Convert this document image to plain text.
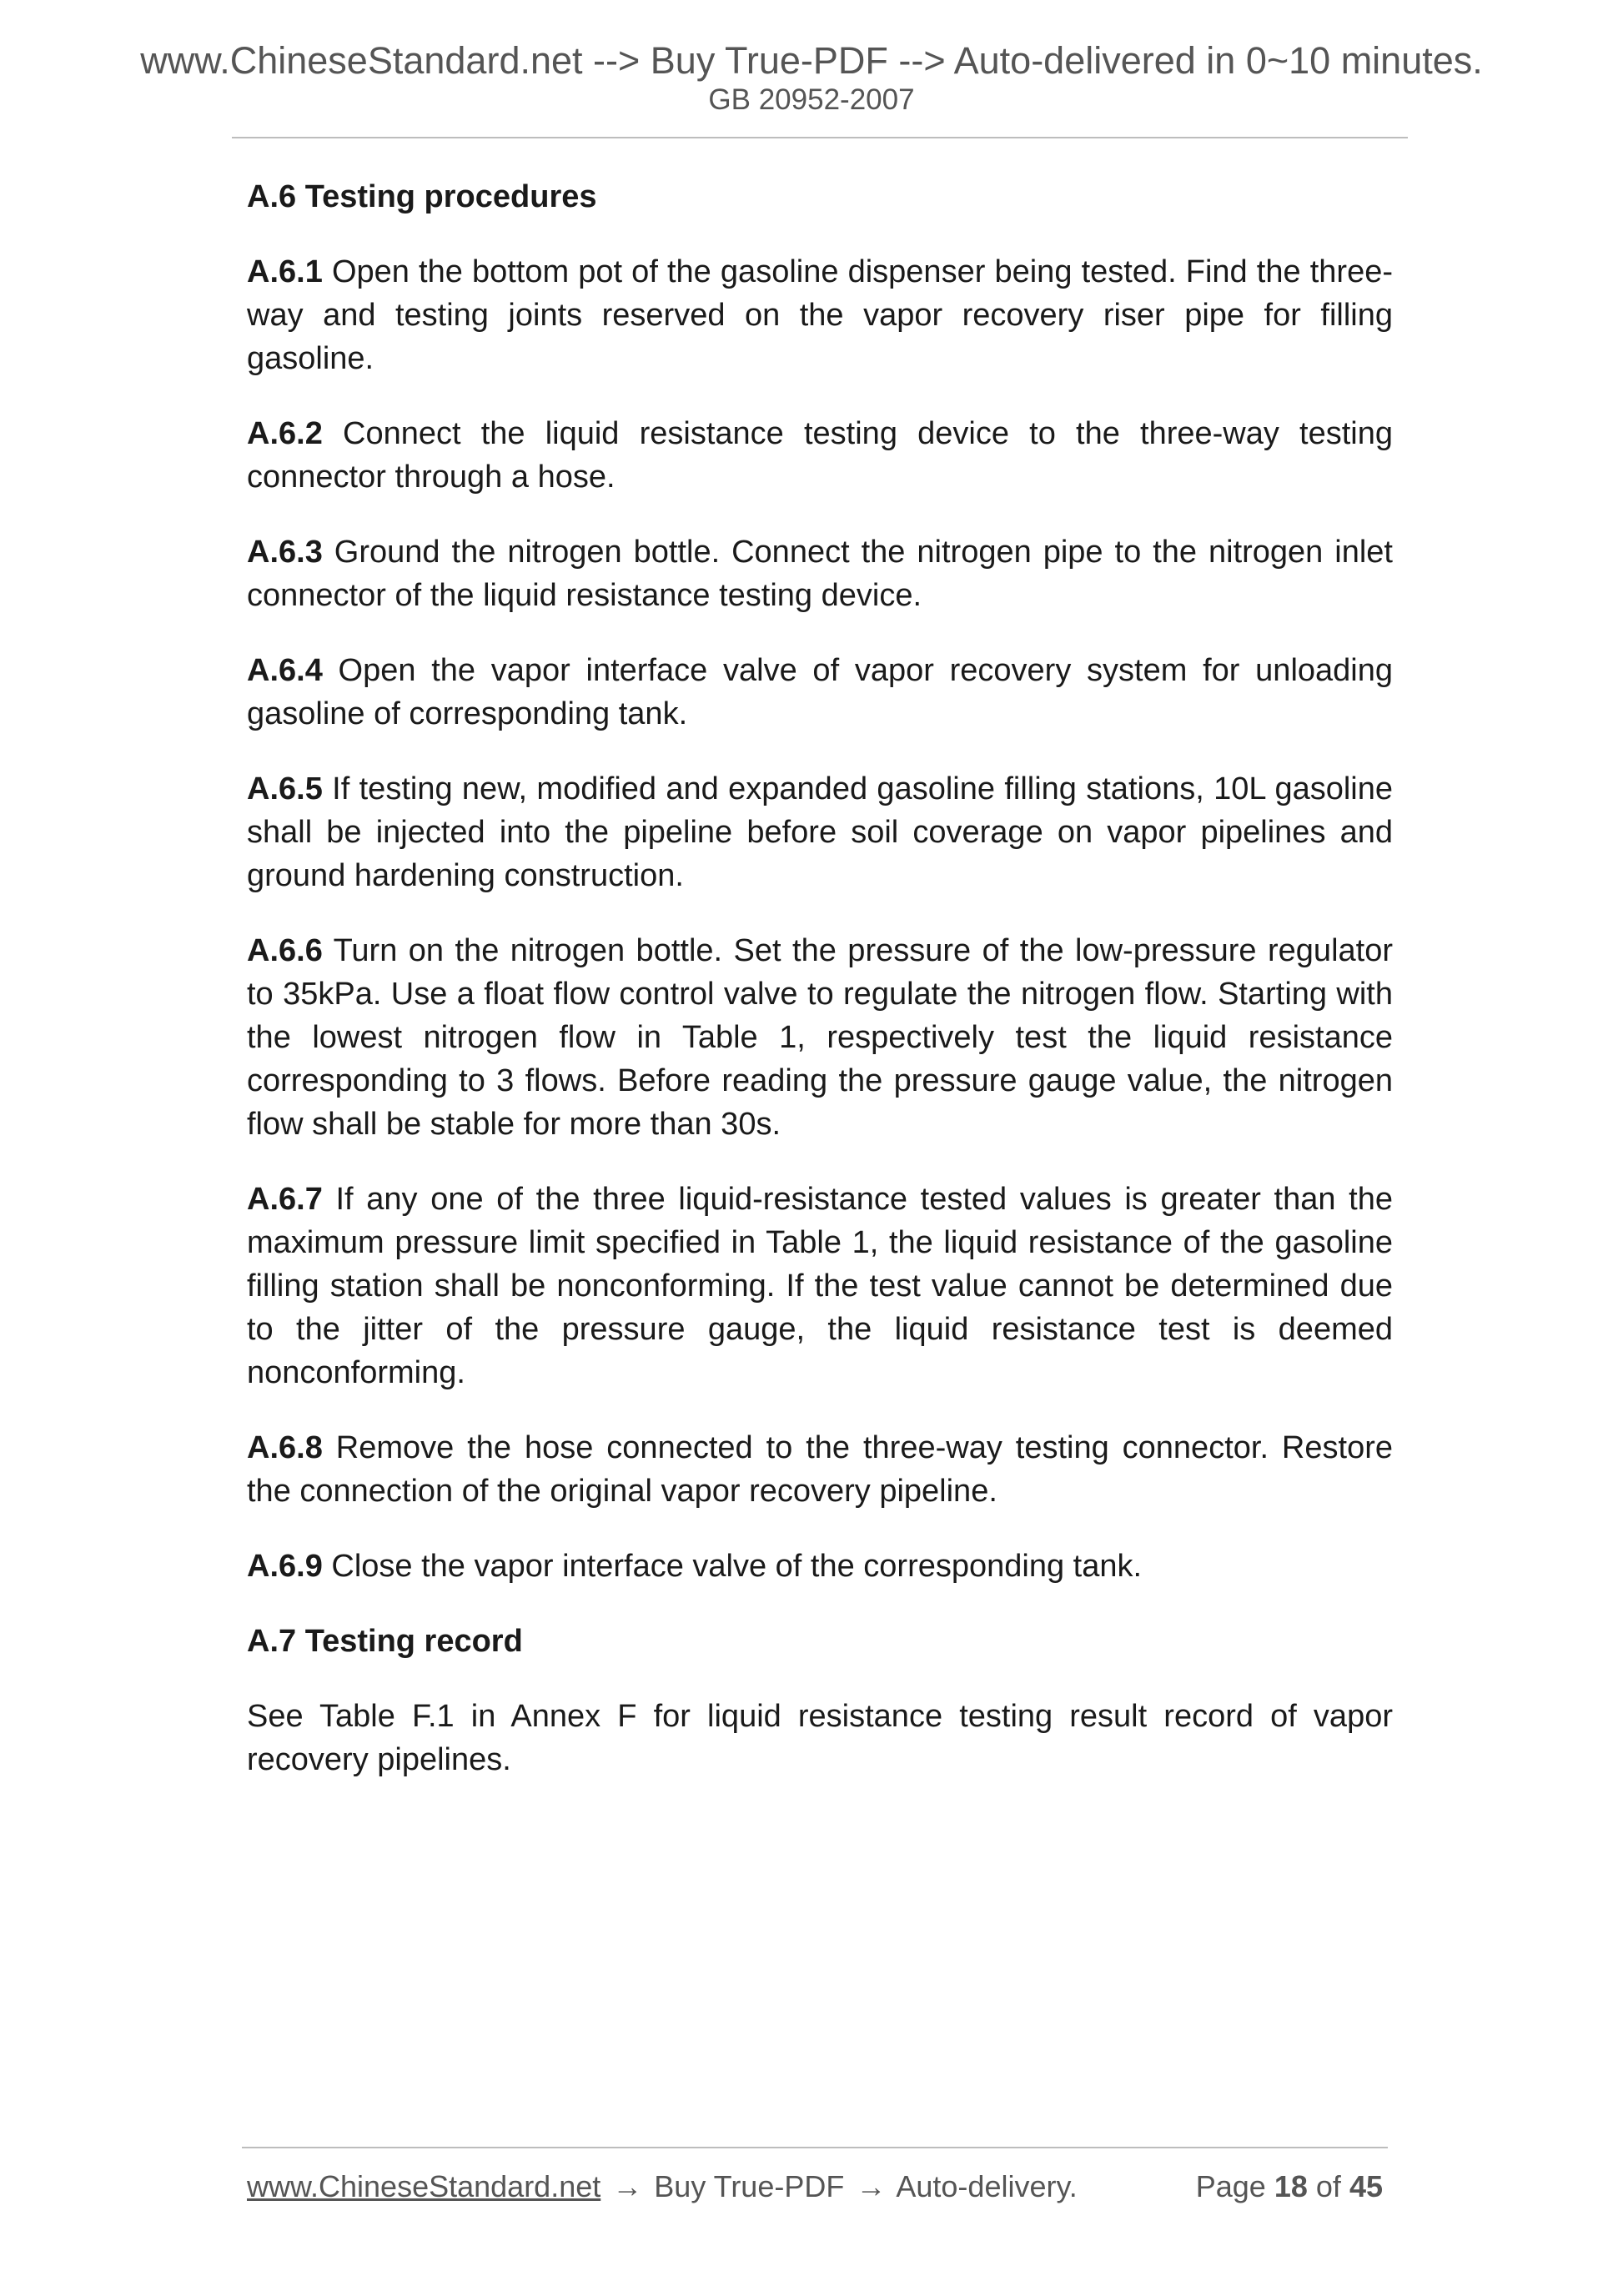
www.ChineseStandard.net --> Buy True-PDF --> Auto-delivered in 0~10 minutes.
GB 20952-2007
A.6 Testing procedures

A.6.1 Open the bottom pot of the gasoline dispenser being tested. Find the three-way and testing joints reserved on the vapor recovery riser pipe for filling gasoline.

A.6.2 Connect the liquid resistance testing device to the three-way testing connector through a hose.

A.6.3 Ground the nitrogen bottle. Connect the nitrogen pipe to the nitrogen inlet connector of the liquid resistance testing device.

A.6.4 Open the vapor interface valve of vapor recovery system for unloading gasoline of corresponding tank.

A.6.5 If testing new, modified and expanded gasoline filling stations, 10L gasoline shall be injected into the pipeline before soil coverage on vapor pipelines and ground hardening construction.

A.6.6 Turn on the nitrogen bottle. Set the pressure of the low-pressure regulator to 35kPa. Use a float flow control valve to regulate the nitrogen flow. Starting with the lowest nitrogen flow in Table 1, respectively test the liquid resistance corresponding to 3 flows. Before reading the pressure gauge value, the nitrogen flow shall be stable for more than 30s.

A.6.7 If any one of the three liquid-resistance tested values is greater than the maximum pressure limit specified in Table 1, the liquid resistance of the gasoline filling station shall be nonconforming. If the test value cannot be determined due to the jitter of the pressure gauge, the liquid resistance test is deemed nonconforming.

A.6.8 Remove the hose connected to the three-way testing connector. Restore the connection of the original vapor recovery pipeline.

A.6.9 Close the vapor interface valve of the corresponding tank.

A.7 Testing record

See Table F.1 in Annex F for liquid resistance testing result record of vapor recovery pipelines.

www.ChineseStandard.net → Buy True-PDF → Auto-delivery.	Page 18 of 45
